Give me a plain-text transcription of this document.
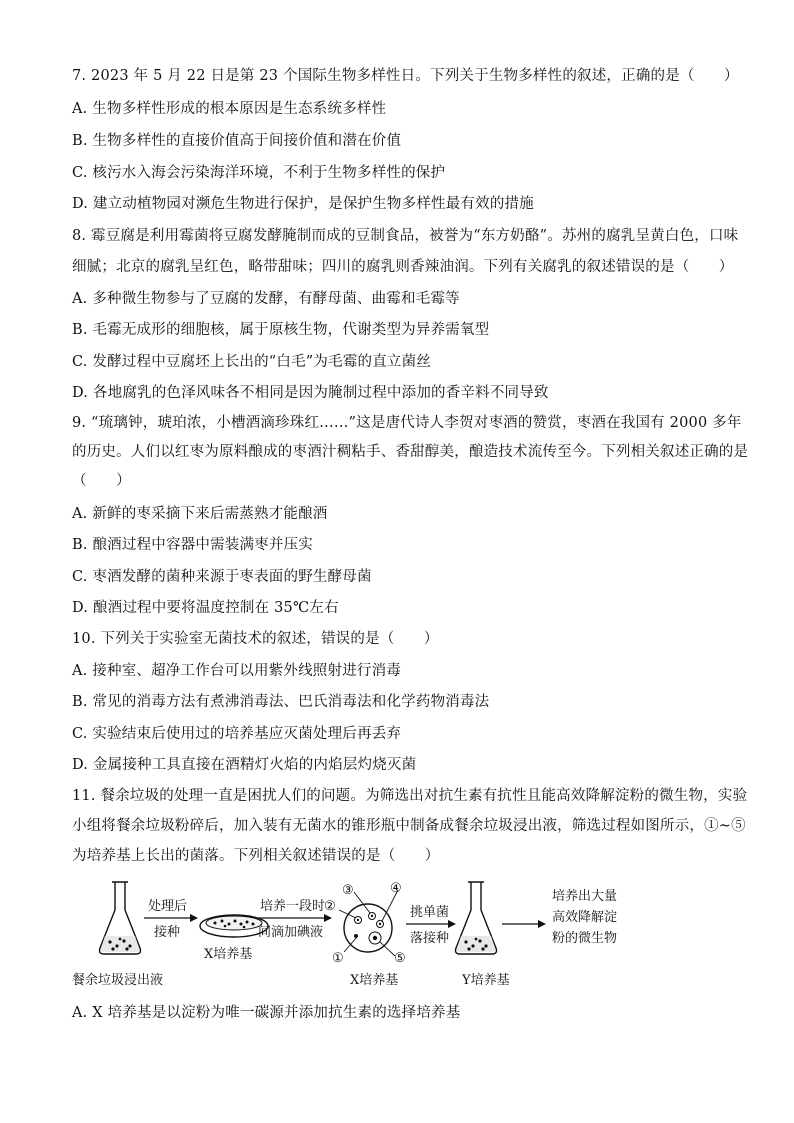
7. 2023 年 5 月 22 日是第 23 个国际生物多样性日。下列关于生物多样性的叙述，正确的是（　　）
A. 生物多样性形成的根本原因是生态系统多样性
B. 生物多样性的直接价值高于间接价值和潜在价值
C. 核污水入海会污染海洋环境，不利于生物多样性的保护
D. 建立动植物园对濒危生物进行保护，是保护生物多样性最有效的措施
8. 霉豆腐是利用霉菌将豆腐发酵腌制而成的豆制食品，被誉为“东方奶酪”。苏州的腐乳呈黄白色，口味
细腻；北京的腐乳呈红色，略带甜味；四川的腐乳则香辣油润。下列有关腐乳的叙述错误的是（　　）
A. 多种微生物参与了豆腐的发酵，有酵母菌、曲霉和毛霉等
B. 毛霉无成形的细胞核，属于原核生物，代谢类型为异养需氧型
C. 发酵过程中豆腐坯上长出的“白毛”为毛霉的直立菌丝
D. 各地腐乳的色泽风味各不相同是因为腌制过程中添加的香辛料不同导致
9. “琉璃钟，琥珀浓，小槽酒滴珍珠红……”这是唐代诗人李贺对枣酒的赞赏，枣酒在我国有 2000 多年
的历史。人们以红枣为原料酿成的枣酒汁稠粘手、香甜醇美，酿造技术流传至今。下列相关叙述正确的是
（　　）
A. 新鲜的枣采摘下来后需蒸熟才能酿酒
B. 酿酒过程中容器中需装满枣并压实
C. 枣酒发酵的菌种来源于枣表面的野生酵母菌
D. 酿酒过程中要将温度控制在 35℃左右
10. 下列关于实验室无菌技术的叙述，错误的是（　　）
A. 接种室、超净工作台可以用紫外线照射进行消毒
B. 常见的消毒方法有煮沸消毒法、巴氏消毒法和化学药物消毒法
C. 实验结束后使用过的培养基应灭菌处理后再丢弃
D. 金属接种工具直接在酒精灯火焰的内焰层灼烧灭菌
11. 餐余垃圾的处理一直是困扰人们的问题。为筛选出对抗生素有抗性且能高效降解淀粉的微生物，实验
小组将餐余垃圾粉碎后，加入装有无菌水的锥形瓶中制备成餐余垃圾浸出液，筛选过程如图所示，①~⑤
为培养基上长出的菌落。下列相关叙述错误的是（　　）
餐余垃圾浸出液
处理后
接种
X培养基
培养一段时
间滴加碘液
①
②
③	④
⑤
X培养基
挑单菌
落接种
Y培养基
培养出大量
高效降解淀
粉的微生物
A. X 培养基是以淀粉为唯一碳源并添加抗生素的选择培养基
